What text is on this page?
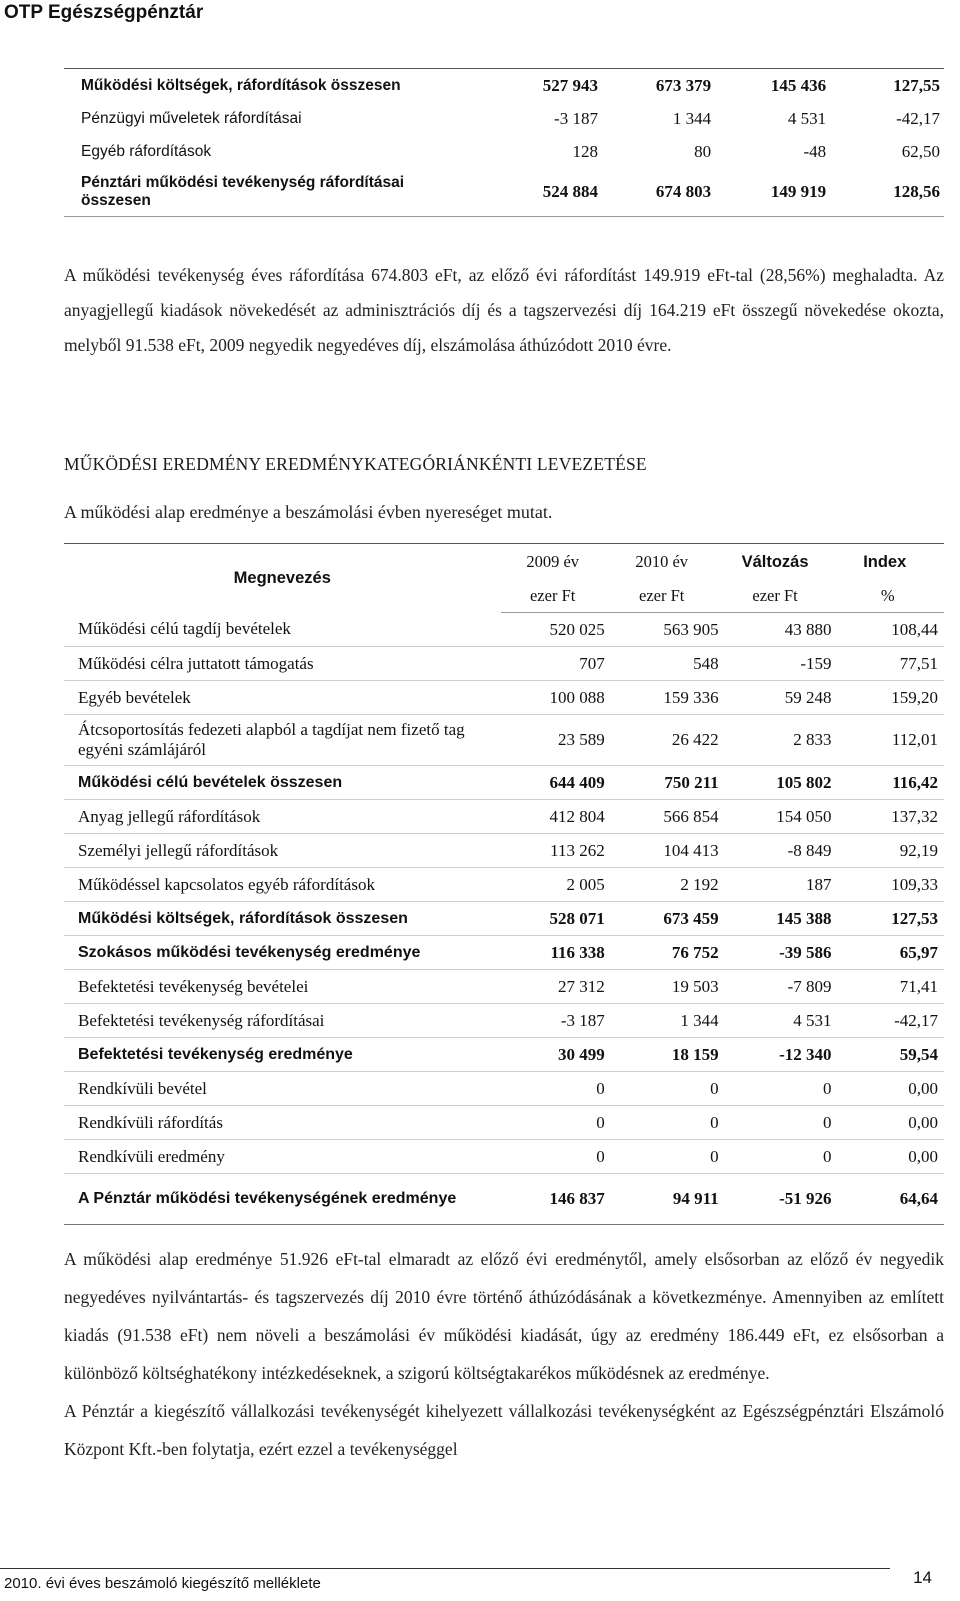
OTP Egészségpénztár
Működési költségek, ráfordítások összesen	527 943	673 379	145 436	127,55
Pénzügyi műveletek ráfordításai	-3 187	1 344	4 531	-42,17
Egyéb ráfordítások	128	80	-48	62,50
Pénztári működési tevékenység ráfordításai összesen	524 884	674 803	149 919	128,56
A működési tevékenység éves ráfordítása 674.803 eFt, az előző évi ráfordítást 149.919 eFt-tal (28,56%) meghaladta. Az anyagjellegű kiadások növekedését az adminisztrációs díj és a tagszervezési díj 164.219 eFt összegű növekedése okozta, melyből 91.538 eFt, 2009 negyedik negyedéves díj, elszámolása áthúzódott 2010 évre.
MŰKÖDÉSI EREDMÉNY EREDMÉNYKATEGÓRIÁNKÉNTI LEVEZETÉSE
A működési alap eredménye a beszámolási évben nyereséget mutat.
Megnevezés	2009 év	2010 év	Változás	Index
	ezer Ft	ezer Ft	ezer Ft	%
Működési célú tagdíj bevételek	520 025	563 905	43 880	108,44
Működési célra juttatott támogatás	707	548	-159	77,51
Egyéb bevételek	100 088	159 336	59 248	159,20
Átcsoportosítás fedezeti alapból a tagdíjat nem fizető tag egyéni számlájáról	23 589	26 422	2 833	112,01
Működési célú bevételek összesen	644 409	750 211	105 802	116,42
Anyag jellegű ráfordítások	412 804	566 854	154 050	137,32
Személyi jellegű ráfordítások	113 262	104 413	-8 849	92,19
Működéssel kapcsolatos egyéb ráfordítások	2 005	2 192	187	109,33
Működési költségek, ráfordítások összesen	528 071	673 459	145 388	127,53
Szokásos működési tevékenység eredménye	116 338	76 752	-39 586	65,97
Befektetési tevékenység bevételei	27 312	19 503	-7 809	71,41
Befektetési tevékenység ráfordításai	-3 187	1 344	4 531	-42,17
Befektetési tevékenység eredménye	30 499	18 159	-12 340	59,54
Rendkívüli bevétel	0	0	0	0,00
Rendkívüli ráfordítás	0	0	0	0,00
Rendkívüli eredmény	0	0	0	0,00
A Pénztár működési tevékenységének eredménye	146 837	94 911	-51 926	64,64
A működési alap eredménye 51.926 eFt-tal elmaradt az előző évi eredménytől, amely elsősorban az előző év negyedik negyedéves nyilvántartás- és tagszervezés díj 2010 évre történő áthúzódásának a következménye. Amennyiben az említett kiadás (91.538 eFt) nem növeli a beszámolási év működési kiadását, úgy az eredmény 186.449 eFt, ez elsősorban a különböző költséghatékony intézkedéseknek, a szigorú költségtakarékos működésnek az eredménye.
A Pénztár a kiegészítő vállalkozási tevékenységét kihelyezett vállalkozási tevékenységként az Egészségpénztári Elszámoló Központ Kft.-ben folytatja, ezért ezzel a tevékenységgel
2010. évi éves beszámoló kiegészítő melléklete	14
